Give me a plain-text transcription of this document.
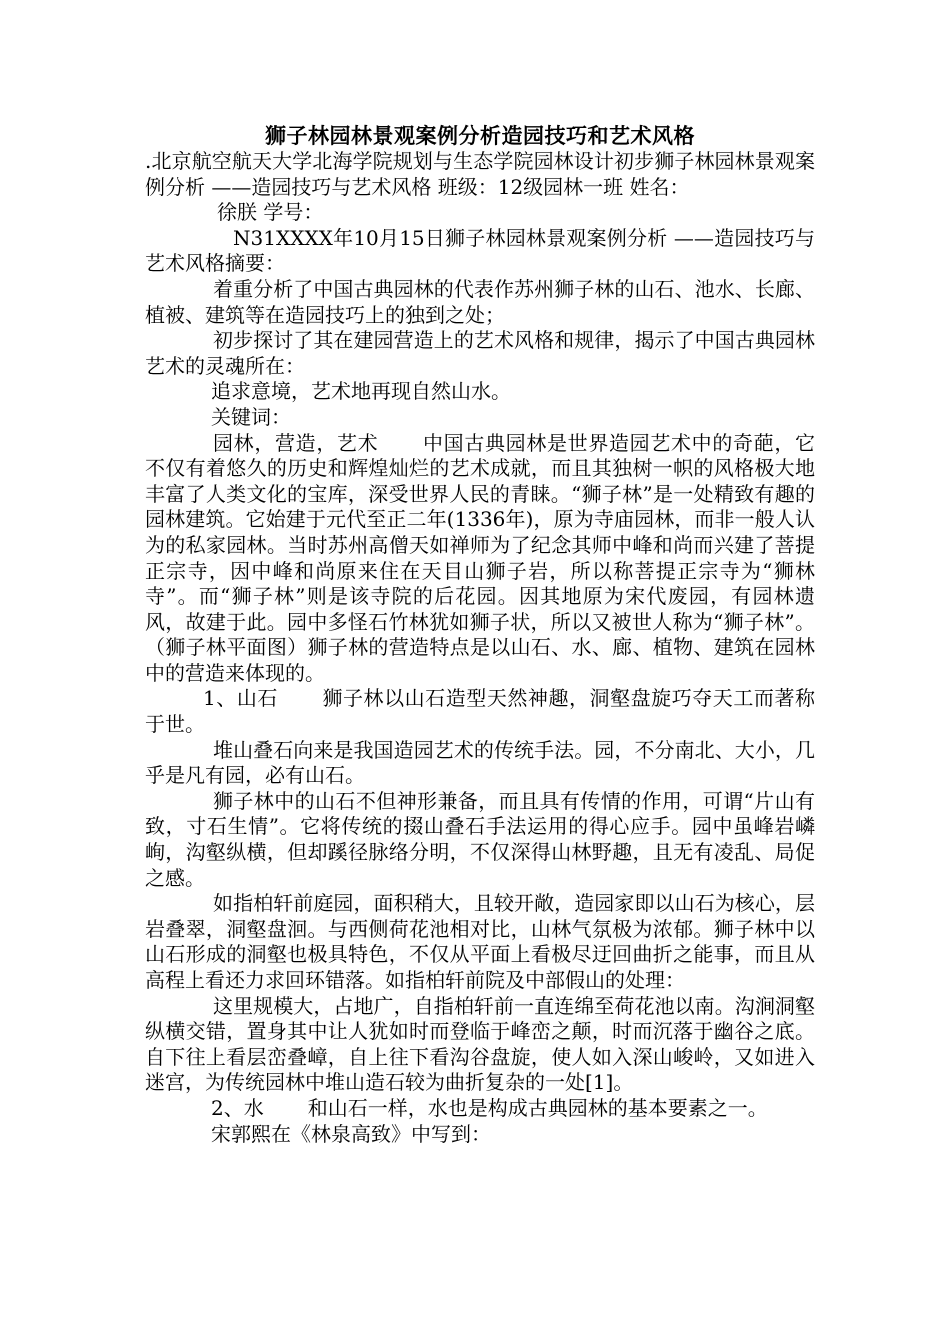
狮子林园林景观案例分析造园技巧和艺术风格

.北京航空航天大学北海学院规划与生态学院园林设计初步狮子林园林景观案例分析 ——造园技巧与艺术风格 班级：12级园林一班 姓名：

徐朕 学号：

N31XXXX年10月15日狮子林园林景观案例分析 ——造园技巧与艺术风格摘要：

着重分析了中国古典园林的代表作苏州狮子林的山石、池水、长廊、植被、建筑等在造园技巧上的独到之处；

初步探讨了其在建园营造上的艺术风格和规律，揭示了中国古典园林艺术的灵魂所在：

追求意境，艺术地再现自然山水。

关键词：

园林，营造，艺术 中国古典园林是世界造园艺术中的奇葩，它不仅有着悠久的历史和辉煌灿烂的艺术成就，而且其独树一帜的风格极大地丰富了人类文化的宝库，深受世界人民的青睐。“狮子林”是一处精致有趣的园林建筑。它始建于元代至正二年(1336年)，原为寺庙园林，而非一般人认为的私家园林。当时苏州高僧天如禅师为了纪念其师中峰和尚而兴建了菩提正宗寺，因中峰和尚原来住在天目山狮子岩，所以称菩提正宗寺为“狮林寺”。而“狮子林”则是该寺院的后花园。因其地原为宋代废园，有园林遗风，故建于此。园中多怪石竹林犹如狮子状，所以又被世人称为“狮子林”。（狮子林平面图）狮子林的营造特点是以山石、水、廊、植物、建筑在园林中的营造来体现的。

1、山石 狮子林以山石造型天然神趣，洞壑盘旋巧夺天工而著称于世。

堆山叠石向来是我国造园艺术的传统手法。园，不分南北、大小，几乎是凡有园，必有山石。

狮子林中的山石不但神形兼备，而且具有传情的作用，可谓“片山有致，寸石生情”。它将传统的掇山叠石手法运用的得心应手。园中虽峰岩嶙峋，沟壑纵横，但却蹊径脉络分明，不仅深得山林野趣，且无有凌乱、局促之感。

如指柏轩前庭园，面积稍大，且较开敞，造园家即以山石为核心，层岩叠翠，洞壑盘洄。与西侧荷花池相对比，山林气氛极为浓郁。狮子林中以山石形成的洞壑也极具特色，不仅从平面上看极尽迂回曲折之能事，而且从高程上看还力求回环错落。如指柏轩前院及中部假山的处理：

这里规模大，占地广，自指柏轩前一直连绵至荷花池以南。沟涧洞壑纵横交错，置身其中让人犹如时而登临于峰峦之颠，时而沉落于幽谷之底。自下往上看层峦叠嶂，自上往下看沟谷盘旋，使人如入深山峻岭，又如进入迷宫，为传统园林中堆山造石较为曲折复杂的一处[1]。

2、水 和山石一样，水也是构成古典园林的基本要素之一。

宋郭熙在《林泉高致》中写到：
